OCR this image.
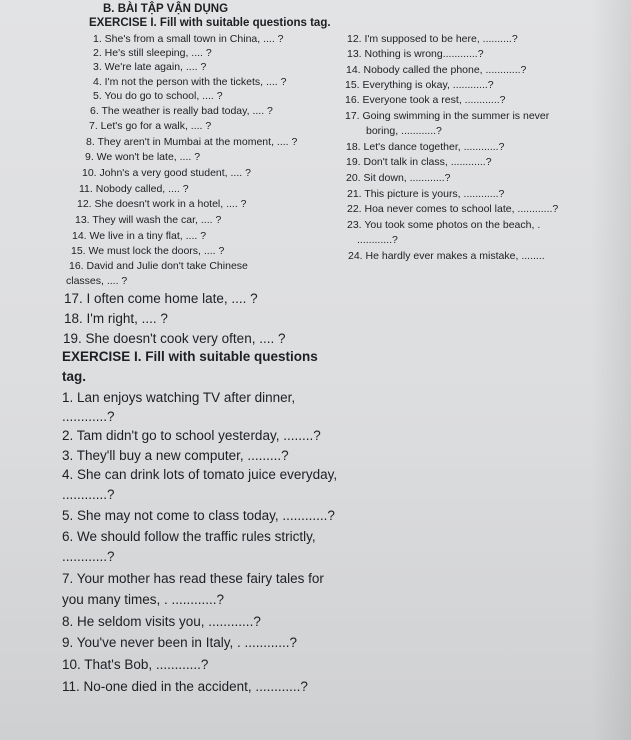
B. BÀI TẬP VẬN DỤNG
EXERCISE I. Fill with suitable questions tag.
1. She's from a small town in China, .... ?
2. He's still sleeping, .... ?
3. We're late again, .... ?
4. I'm not the person with the tickets, .... ?
5. You do go to school, .... ?
6. The weather is really bad today, .... ?
7. Let's go for a walk, .... ?
8. They aren't in Mumbai at the moment, .... ?
9. We won't be late, .... ?
10. John's a very good student, .... ?
11. Nobody called, .... ?
12. She doesn't work in a hotel, .... ?
13. They will wash the car, .... ?
14. We live in a tiny flat, .... ?
15. We must lock the doors, .... ?
16. David and Julie don't take Chinese
classes, .... ?
12. I'm supposed to be here, ..........?
13. Nothing is wrong............?
14. Nobody called the phone, ............?
15. Everything is okay, ............?
16. Everyone took a rest, ............?
17. Going swimming in the summer is never
boring, ............?
18. Let's dance together, ............?
19. Don't talk in class, ............?
20. Sit down, ............?
21. This picture is yours, ............?
22. Hoa never comes to school late, ............?
23. You took some photos on the beach, .
............?
24. He hardly ever makes a mistake, ........
17. I often come home late, .... ?
18. I'm right, .... ?
19. She doesn't cook very often, .... ?
EXERCISE I. Fill with suitable questions
tag.
1. Lan enjoys watching TV after dinner,
............?
2. Tam didn't go to school yesterday, ........?
3. They'll buy a new computer, .........?
4. She can drink lots of tomato juice everyday,
............?
5. She may not come to class today, ............?
6. We should follow the traffic rules strictly,
............?
7. Your mother has read these fairy tales for
you many times, . ............?
8. He seldom visits you, ............?
9. You've never been in Italy, . ............?
10. That's Bob, ............?
11. No-one died in the accident, ............?
